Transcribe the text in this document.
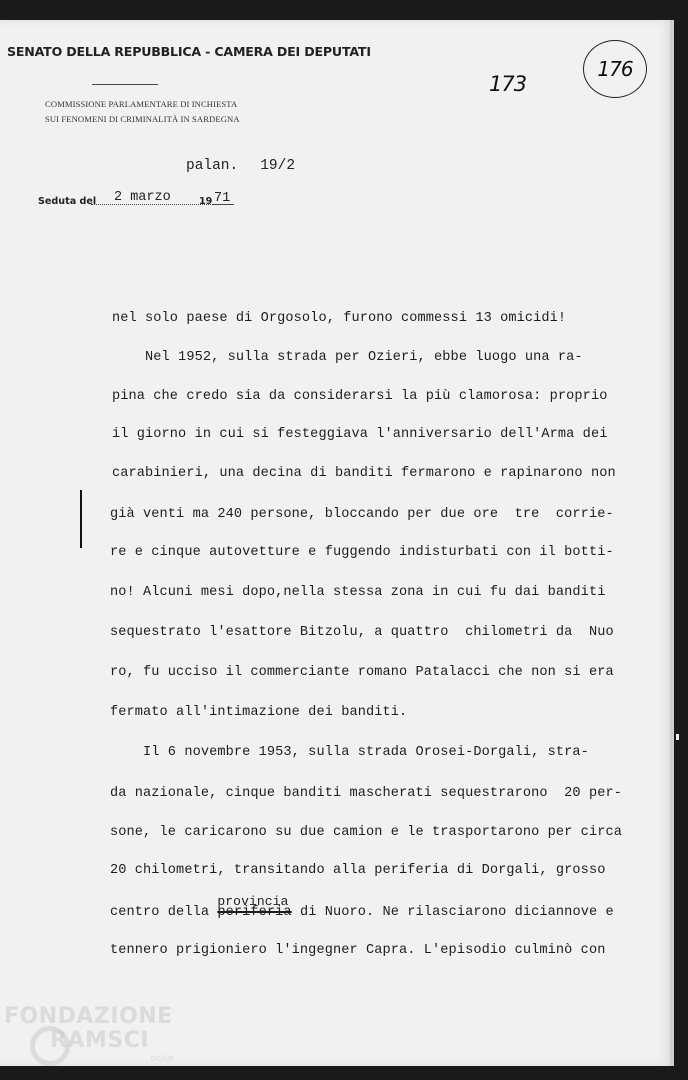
SENATO DELLA REPUBBLICA - CAMERA DEI DEPUTATI
COMMISSIONE PARLAMENTARE DI INCHIESTA
SUI FENOMENI DI CRIMINALITÀ IN SARDEGNA
173
176
palan. 19/2
Seduta del 2 marzo	19 71
nel solo paese di Orgosolo, furono commessi 13 omicidi!
Nel 1952, sulla strada per Ozieri, ebbe luogo una ra-
pina che credo sia da considerarsi la più clamorosa: proprio
il giorno in cui si festeggiava l'anniversario dell'Arma dei
carabinieri, una decina di banditi fermarono e rapinarono non
già venti ma 240 persone, bloccando per due ore  tre  corrie-
re e cinque autovetture e fuggendo indisturbati con il botti-
no! Alcuni mesi dopo,nella stessa zona in cui fu dai banditi
sequestrato l'esattore Bitzolu, a quattro  chilometri da  Nuo
ro, fu ucciso il commerciante romano Patalacci che non si era
fermato all'intimazione dei banditi.
Il 6 novembre 1953, sulla strada Orosei-Dorgali, stra-
da nazionale, cinque banditi mascherati sequestrarono  20 per-
sone, le caricarono su due camion e le trasportarono per circa
20 chilometri, transitando alla periferia di Dorgali, grosso
centro della periferia
provincia
di Nuoro. Ne rilasciarono diciannove e
tennero prigioniero l'ingegner Capra. L'episodio culminò con
FONDAZIONE
RAMSCI
onlus
